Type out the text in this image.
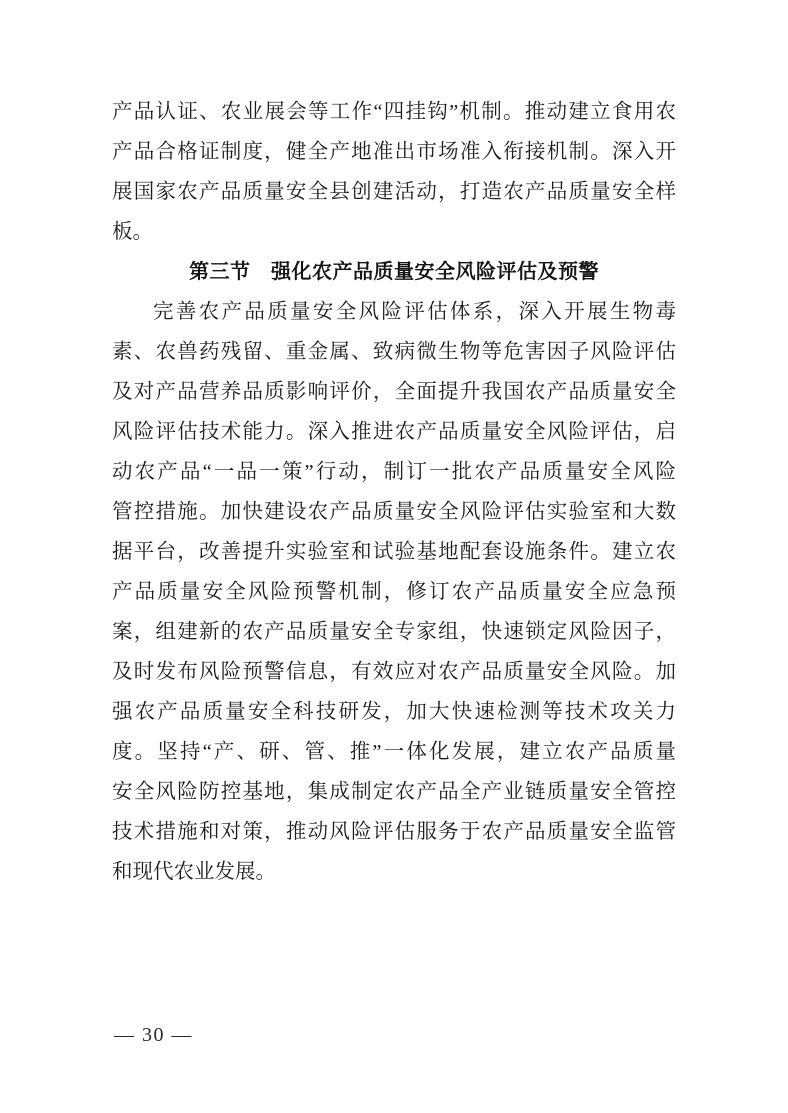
产品认证、农业展会等工作“四挂钩”机制。推动建立食用农
产品合格证制度，健全产地准出市场准入衔接机制。深入开
展国家农产品质量安全县创建活动，打造农产品质量安全样
板。
第三节　强化农产品质量安全风险评估及预警
完善农产品质量安全风险评估体系，深入开展生物毒
素、农兽药残留、重金属、致病微生物等危害因子风险评估
及对产品营养品质影响评价，全面提升我国农产品质量安全
风险评估技术能力。深入推进农产品质量安全风险评估，启
动农产品“一品一策”行动，制订一批农产品质量安全风险
管控措施。加快建设农产品质量安全风险评估实验室和大数
据平台，改善提升实验室和试验基地配套设施条件。建立农
产品质量安全风险预警机制，修订农产品质量安全应急预
案，组建新的农产品质量安全专家组，快速锁定风险因子，
及时发布风险预警信息，有效应对农产品质量安全风险。加
强农产品质量安全科技研发，加大快速检测等技术攻关力
度。坚持“产、研、管、推”一体化发展，建立农产品质量
安全风险防控基地，集成制定农产品全产业链质量安全管控
技术措施和对策，推动风险评估服务于农产品质量安全监管
和现代农业发展。
— 30 —
